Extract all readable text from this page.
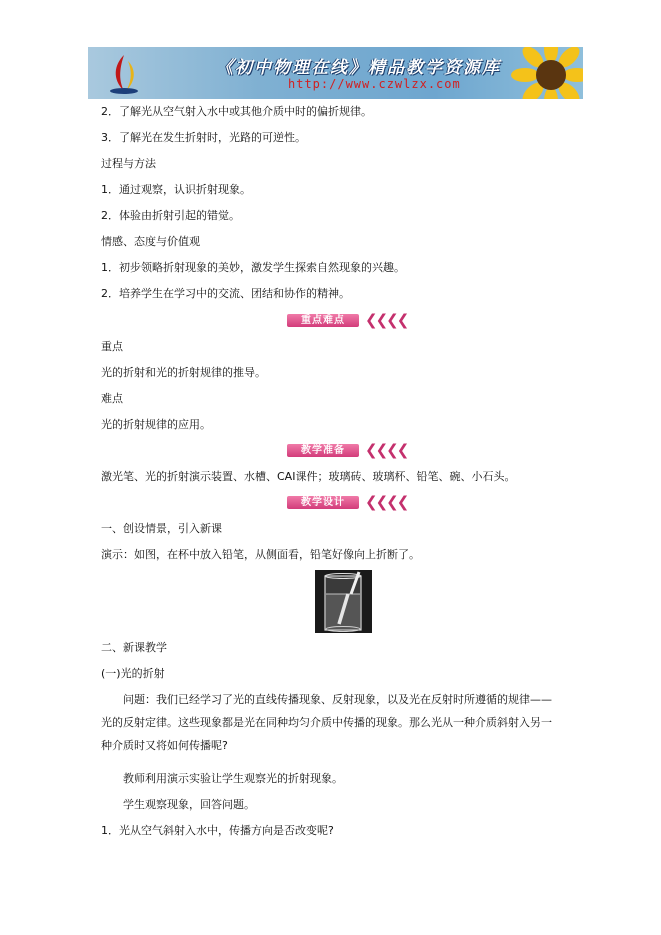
《初中物理在线》精品教学资源库
http://www.czwlzx.com
2．了解光从空气射入水中或其他介质中时的偏折规律。
3．了解光在发生折射时，光路的可逆性。
过程与方法
1．通过观察，认识折射现象。
2．体验由折射引起的错觉。
情感、态度与价值观
1．初步领略折射现象的美妙，激发学生探索自然现象的兴趣。
2．培养学生在学习中的交流、团结和协作的精神。
重点难点	❮❮❮❮
重点
光的折射和光的折射规律的推导。
难点
光的折射规律的应用。
教学准备	❮❮❮❮
激光笔、光的折射演示装置、水槽、CAI课件；玻璃砖、玻璃杯、铅笔、碗、小石头。
教学设计	❮❮❮❮
一、创设情景，引入新课
演示：如图，在杯中放入铅笔，从侧面看，铅笔好像向上折断了。
二、新课教学
(一)光的折射
问题：我们已经学习了光的直线传播现象、反射现象，以及光在反射时所遵循的规律——光的反射定律。这些现象都是光在同种均匀介质中传播的现象。那么光从一种介质斜射入另一种介质时又将如何传播呢?
教师利用演示实验让学生观察光的折射现象。
学生观察现象，回答问题。
1．光从空气斜射入水中，传播方向是否改变呢?
